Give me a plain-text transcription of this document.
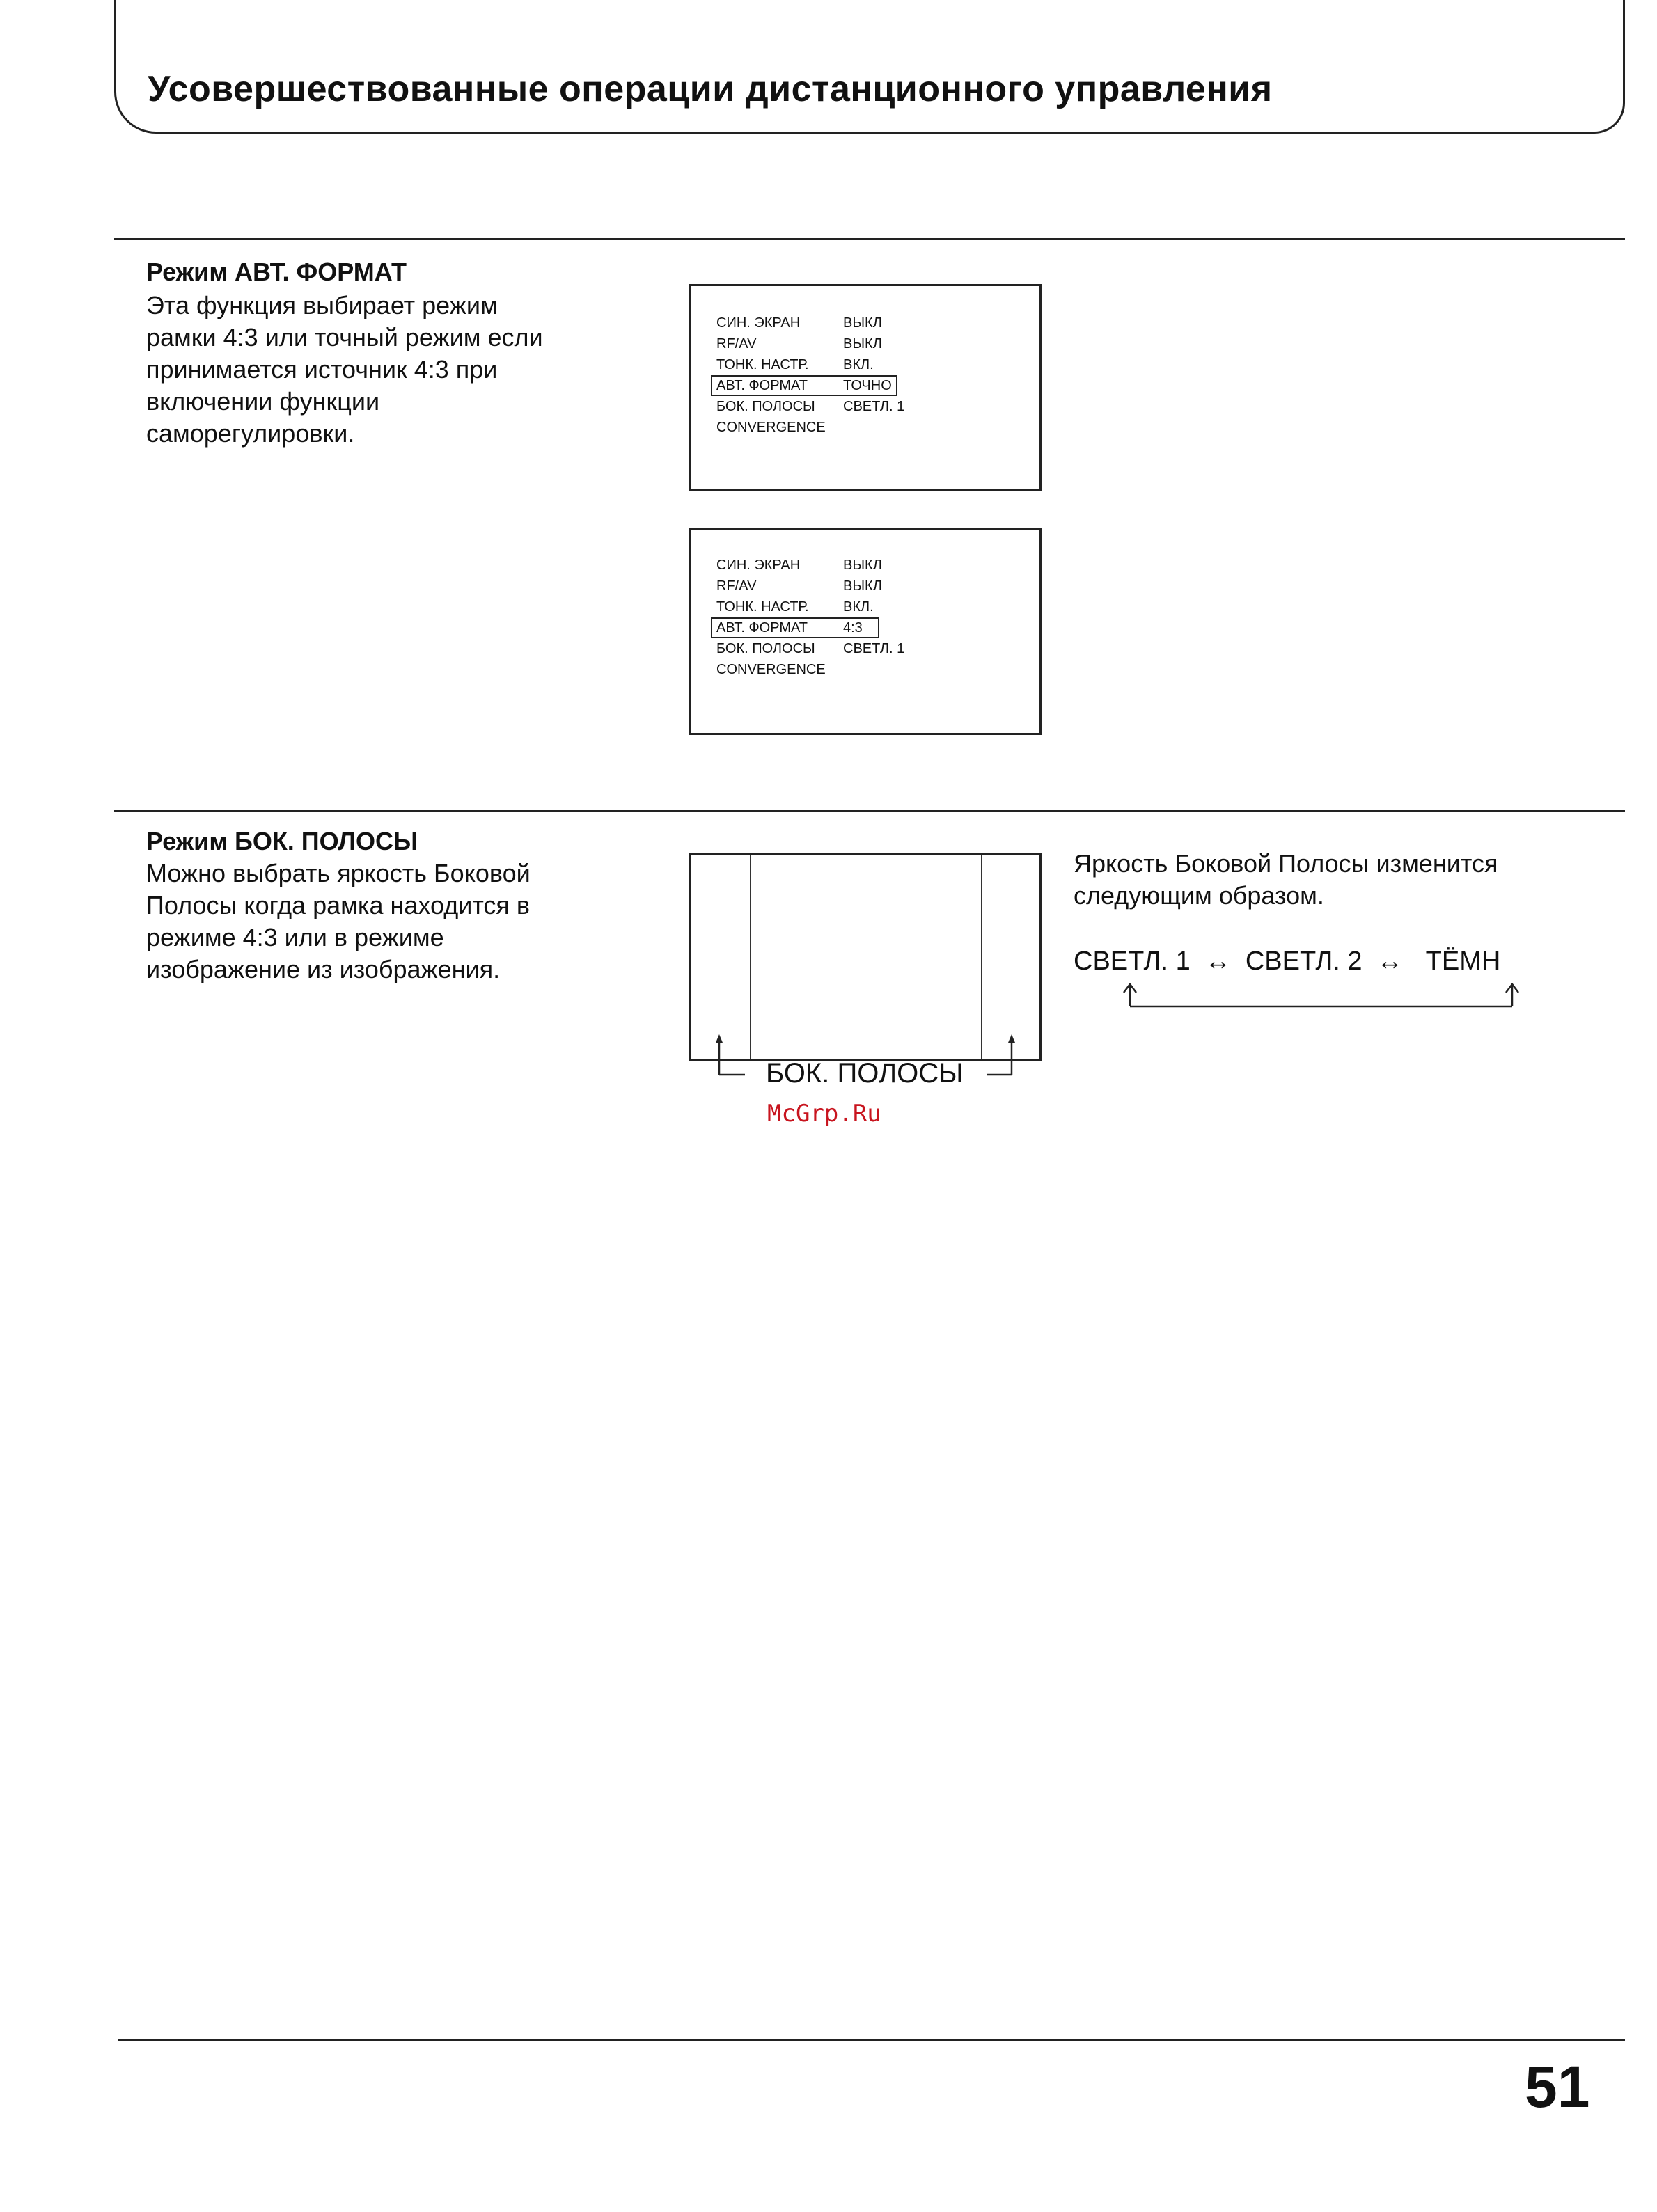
Усовершествованные операции дистанционного управления
Режим АВТ. ФОРМАТ
Эта функция выбирает режим
рамки 4:3 или точный режим если
принимается источник 4:3 при
включении функции
саморегулировки.
СИН. ЭКРАН	ВЫКЛ
RF/AV	ВЫКЛ
ТОНК. НАСТР. ВКЛ.
АВТ. ФОРМАТ	ТОЧНО
БОК. ПОЛОСЫ СВЕТЛ. 1
CONVERGENCE
СИН. ЭКРАН	ВЫКЛ
RF/AV	ВЫКЛ
ТОНК. НАСТР. ВКЛ.
АВТ. ФОРМАТ	4:3
БОК. ПОЛОСЫ СВЕТЛ. 1
CONVERGENCE
Режим БОК. ПОЛОСЫ
Можно выбрать яркость Боковой
Полосы когда рамка находится в
режиме 4:3 или в режиме
изображение из изображения.
БОК. ПОЛОСЫ
Яркость Боковой Полосы изменится
следующим образом.
СВЕТЛ. 1 ↔ СВЕТЛ. 2 ↔ ТЁМН
McGrp.Ru
51
